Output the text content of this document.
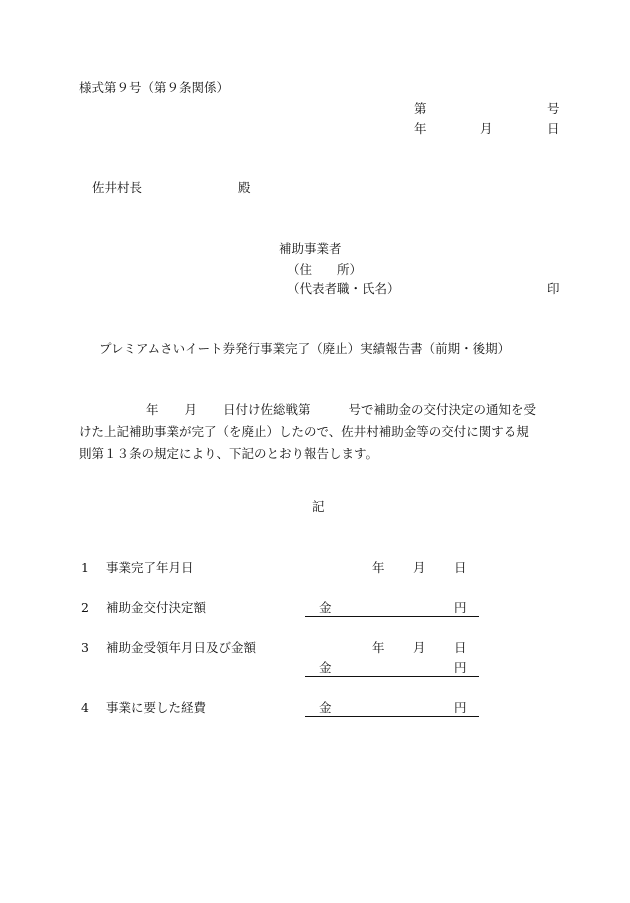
様式第９号（第９条関係）
第	号
年	月	日
佐井村長	殿
補助事業者
（住　　所）
（代表者職・氏名）	印
プレミアムさいイート券発行事業完了（廃止）実績報告書（前期・後期）
年 月 日付け佐総戦第	号で補助金の交付決定の通知を受
けた上記補助事業が完了（を廃止）したので、佐井村補助金等の交付に関する規
則第１３条の規定により、下記のとおり報告します。
記
1 事業完了年月日	年 月 日
2 補助金交付決定額	金	円
3 補助金受領年月日及び金額	年 月 日
金	円
4 事業に要した経費	金	円
